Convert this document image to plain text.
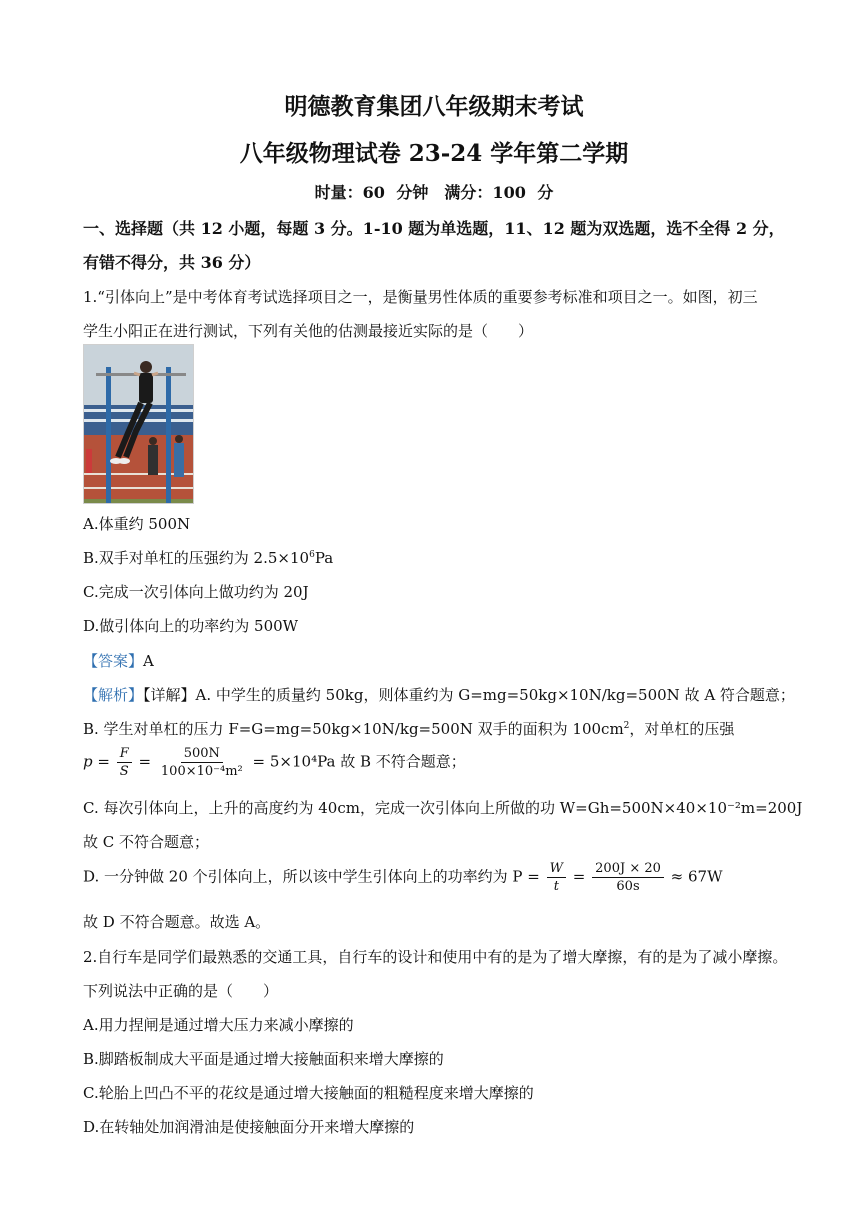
明德教育集团八年级期末考试
八年级物理试卷 23-24 学年第二学期
时量：60 分钟　满分：100 分
一、选择题（共 12 小题，每题 3 分。1-10 题为单选题，11、12 题为双选题，选不全得 2 分，
有错不得分，共 36 分）
1.“引体向上”是中考体育考试选择项目之一，是衡量男性体质的重要参考标准和项目之一。如图，初三
学生小阳正在进行测试，下列有关他的估测最接近实际的是（　　）
A.体重约 500N
B.双手对单杠的压强约为 $2.5\times 10^6Pa$
C.完成一次引体向上做功约为 20J
D.做引体向上的功率约为 500W
【答案】A
【解析】【详解】A. 中学生的质量约 50kg，则体重约为 G=mg=50kg×10N/kg=500N 故 A 符合题意；
B. 学生对单杠的压力 F=G=mg=50kg×10N/kg=500N 双手的面积为 $100cm^2$，对单杠的压强
$p = \frac{F}{S} = \frac{500N}{\text{100×10⁻⁴m²}} = 5\times 10^4Pa$ 故 B 不符合题意；
C. 每次引体向上，上升的高度约为 40cm，完成一次引体向上所做的功 W=Gh=500N×40×10⁻²m=200J
故 C 不符合题意；
D. 一分钟做 20 个引体向上，所以该中学生引体向上的功率约为 $P = \frac{W}{t} = \frac{200J \times 20}{60s} \approx 67W$
故 D 不符合题意。故选 A。
2.自行车是同学们最熟悉的交通工具，自行车的设计和使用中有的是为了增大摩擦，有的是为了减小摩擦。
下列说法中正确的是（　　）
A.用力捏闸是通过增大压力来减小摩擦的
B.脚踏板制成大平面是通过增大接触面积来增大摩擦的
C.轮胎上凹凸不平的花纹是通过增大接触面的粗糙程度来增大摩擦的
D.在转轴处加润滑油是使接触面分开来增大摩擦的
